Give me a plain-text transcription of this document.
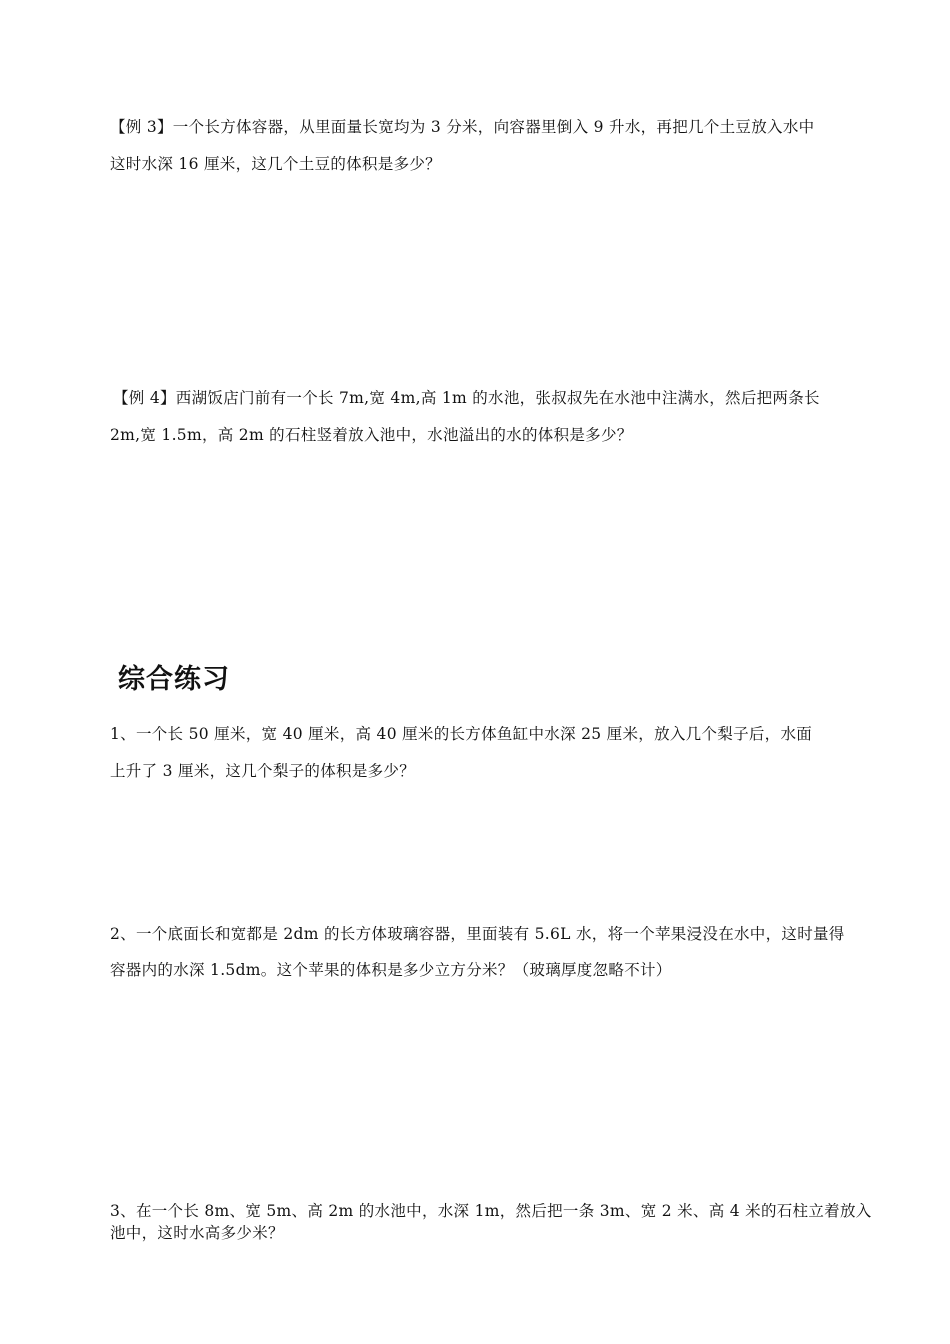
【例 3】一个长方体容器，从里面量长宽均为 3 分米，向容器里倒入 9 升水，再把几个土豆放入水中
这时水深 16 厘米，这几个土豆的体积是多少？
【例 4】西湖饭店门前有一个长 7m,宽 4m,高 1m 的水池，张叔叔先在水池中注满水，然后把两条长
2m,宽 1.5m，高 2m 的石柱竖着放入池中，水池溢出的水的体积是多少？
综合练习
1、一个长 50 厘米，宽 40 厘米，高 40 厘米的长方体鱼缸中水深 25 厘米，放入几个梨子后，水面
上升了 3 厘米，这几个梨子的体积是多少？
2、一个底面长和宽都是 2dm 的长方体玻璃容器，里面装有 5.6L 水，将一个苹果浸没在水中，这时量得
容器内的水深 1.5dm。这个苹果的体积是多少立方分米？（玻璃厚度忽略不计）
3、在一个长 8m、宽 5m、高 2m 的水池中，水深 1m，然后把一条 3m、宽 2 米、高 4 米的石柱立着放入
池中，这时水高多少米？
